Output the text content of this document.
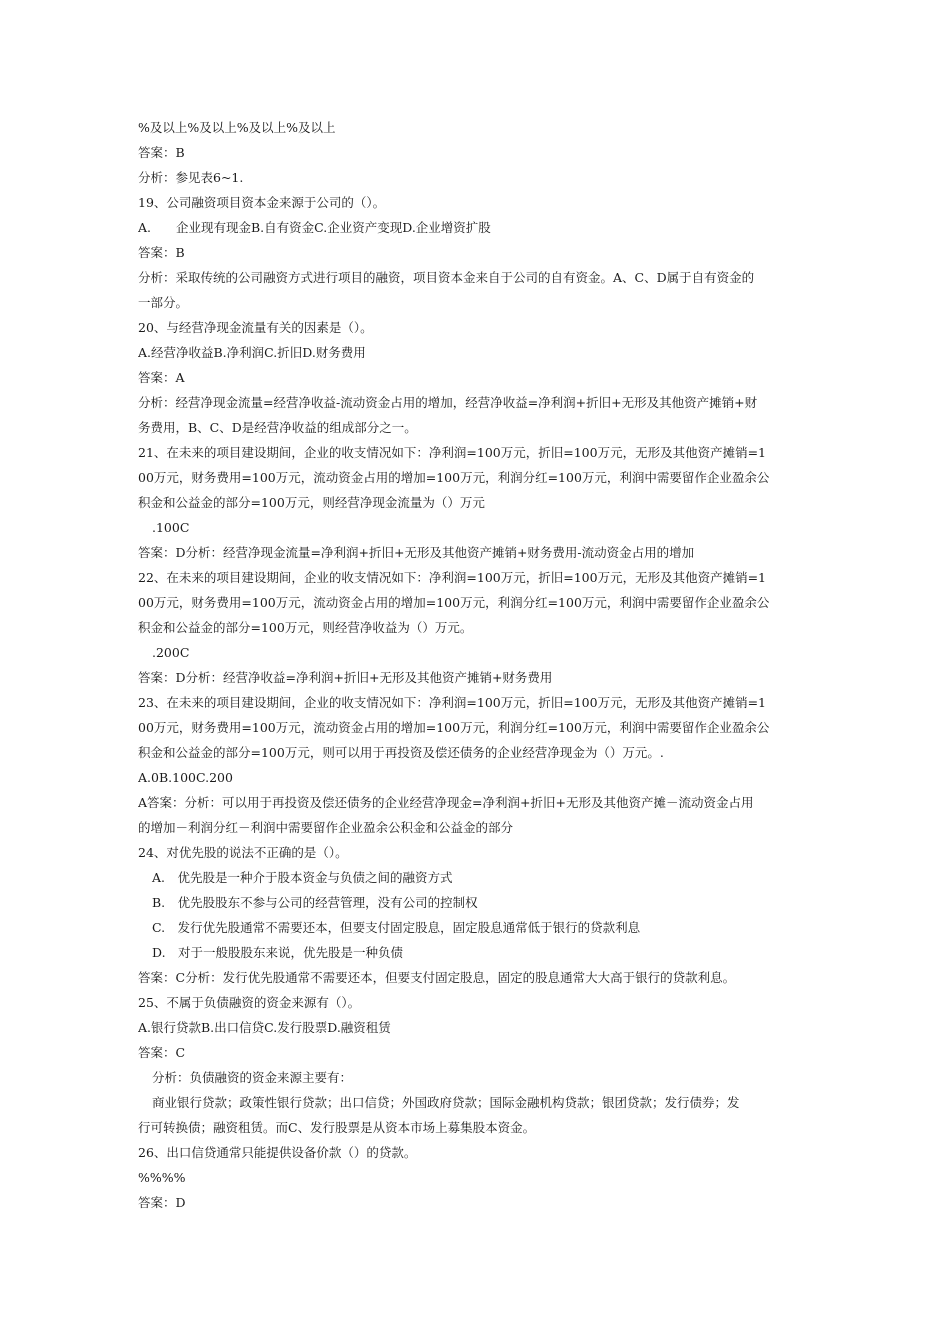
%及以上%及以上%及以上%及以上
答案：B
分析：参见表6~1.
19、公司融资项目资本金来源于公司的（）。
A.　　企业现有现金B.自有资金C.企业资产变现D.企业增资扩股
答案：B
分析：采取传统的公司融资方式进行项目的融资，项目资本金来自于公司的自有资金。A、C、D属于自有资金的
一部分。
20、与经营净现金流量有关的因素是（）。
A.经营净收益B.净利润C.折旧D.财务费用
答案：A
分析：经营净现金流量=经营净收益-流动资金占用的增加，经营净收益=净利润+折旧+无形及其他资产摊销+财
务费用，B、C、D是经营净收益的组成部分之一。
21、在未来的项目建设期间，企业的收支情况如下：净利润=100万元，折旧=100万元，无形及其他资产摊销=1
00万元，财务费用=100万元，流动资金占用的增加=100万元，利润分红=100万元，利润中需要留作企业盈余公
积金和公益金的部分=100万元，则经营净现金流量为（）万元
.100C
答案：D分析：经营净现金流量=净利润+折旧+无形及其他资产摊销+财务费用-流动资金占用的增加
22、在未来的项目建设期间，企业的收支情况如下：净利润=100万元，折旧=100万元，无形及其他资产摊销=1
00万元，财务费用=100万元，流动资金占用的增加=100万元，利润分红=100万元，利润中需要留作企业盈余公
积金和公益金的部分=100万元，则经营净收益为（）万元。
.200C
答案：D分析：经营净收益=净利润+折旧+无形及其他资产摊销+财务费用
23、在未来的项目建设期间，企业的收支情况如下：净利润=100万元，折旧=100万元，无形及其他资产摊销=1
00万元，财务费用=100万元，流动资金占用的增加=100万元，利润分红=100万元，利润中需要留作企业盈余公
积金和公益金的部分=100万元，则可以用于再投资及偿还债务的企业经营净现金为（）万元。.
A.0B.100C.200
A答案：分析：可以用于再投资及偿还债务的企业经营净现金=净利润+折旧+无形及其他资产摊－流动资金占用
的增加－利润分红－利润中需要留作企业盈余公积金和公益金的部分
24、对优先股的说法不正确的是（）。
A.　优先股是一种介于股本资金与负债之间的融资方式
B.　优先股股东不参与公司的经营管理，没有公司的控制权
C.　发行优先股通常不需要还本，但要支付固定股息，固定股息通常低于银行的贷款利息
D.　对于一般股股东来说，优先股是一种负债
答案：C分析：发行优先股通常不需要还本，但要支付固定股息，固定的股息通常大大高于银行的贷款利息。
25、不属于负债融资的资金来源有（）。
A.银行贷款B.出口信贷C.发行股票D.融资租赁
答案：C
分析：负债融资的资金来源主要有：
商业银行贷款；政策性银行贷款；出口信贷；外国政府贷款；国际金融机构贷款；银团贷款；发行债券；发
行可转换债；融资租赁。而C、发行股票是从资本市场上募集股本资金。
26、出口信贷通常只能提供设备价款（）的贷款。
%%%%
答案：D
